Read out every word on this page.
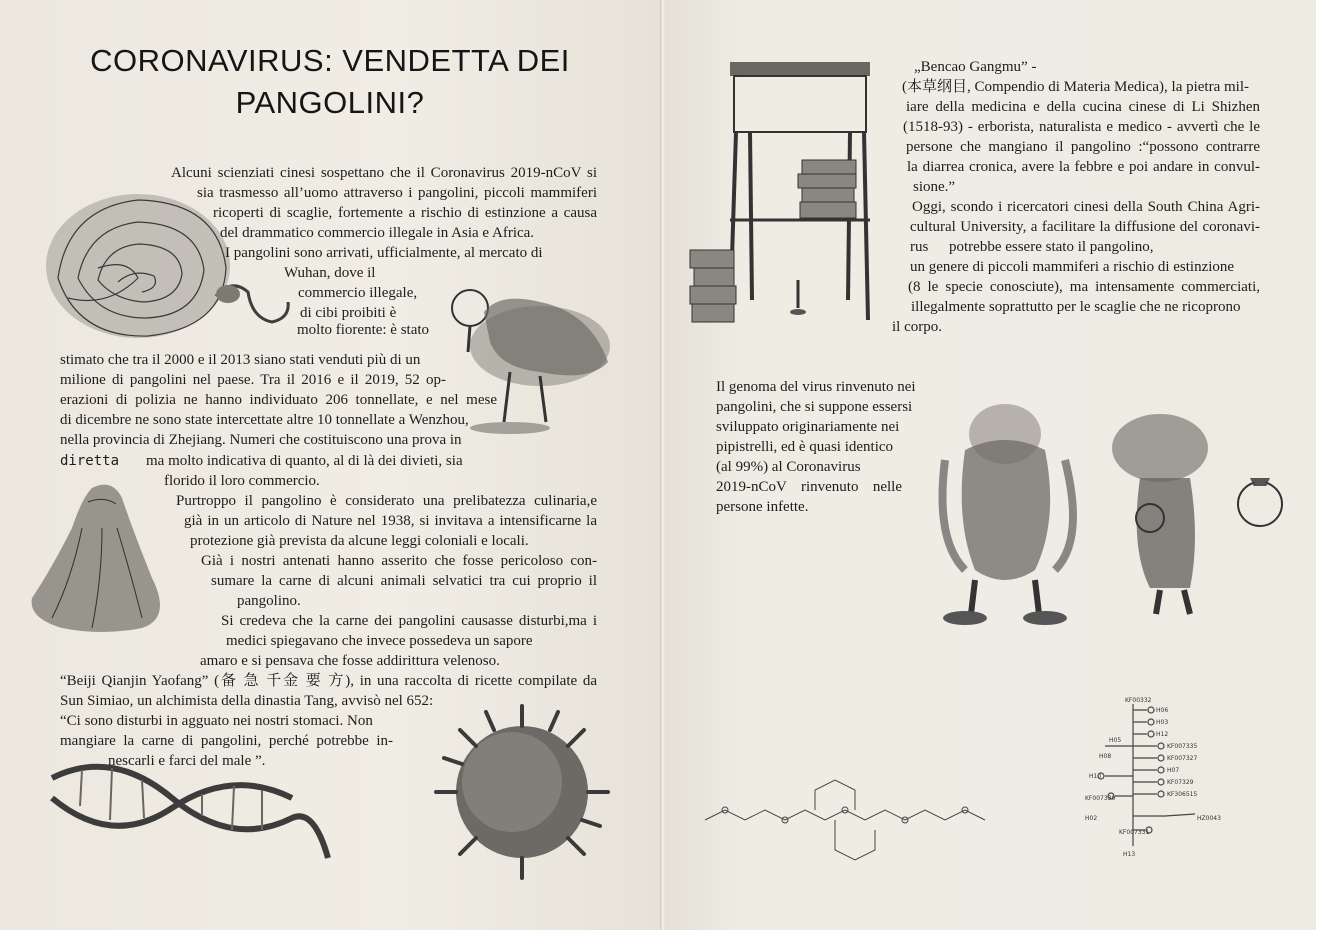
CORONAVIRUS: VENDETTA DEI
PANGOLINI?
Alcuni scienziati cinesi sospettano che il Coronavirus 2019-nCoV si
sia trasmesso all’uomo attraverso i pangolini, piccoli mammiferi
ricoperti di scaglie, fortemente a rischio di estinzione a causa
del drammatico commercio illegale in Asia e Africa.
I pangolini sono arrivati, ufficialmente, al mercato di
Wuhan, dove il
commercio illegale,
di cibi proibiti è
molto fiorente: è stato
stimato che tra il 2000 e il 2013 siano stati venduti più di un
milione di pangolini nel paese. Tra il 2016 e il 2019, 52 op-
erazioni di polizia ne hanno individuato 206 tonnellate, e nel mese
di dicembre ne sono state intercettate altre 10 tonnellate a Wenzhou,
nella provincia di Zhejiang. Numeri che costituiscono una prova in
diretta ma molto indicativa di quanto, al di là dei divieti, sia
florido il loro commercio.
Purtroppo il pangolino è considerato una prelibatezza culinaria,e
già in un articolo di Nature nel 1938, si invitava a intensificarne la
protezione già prevista da alcune leggi coloniali e locali.
Già i nostri antenati hanno asserito che fosse pericoloso con-
sumare la carne di alcuni animali selvatici tra cui proprio il
pangolino.
Si credeva che la carne dei pangolini causasse disturbi,ma i
medici spiegavano che invece possedeva un sapore
amaro e si pensava che fosse addirittura velenoso.
“Beiji Qianjin Yaofang” (备 急 千金 要 方), in una raccolta di ricette compilate da
Sun Simiao, un alchimista della dinastia Tang, avvisò nel 652:
“Ci sono disturbi in agguato nei nostri stomaci. Non
mangiare la carne di pangolini, perché potrebbe in-
nescarli e farci del male ”.
KF00332
H06
H03
H12
KF007335
KF007327
H07
KF07329
KF306515
KF007330
H10
H05
H08
H02
KF007331
HZ0043
H13
„Bencao Gangmu” -
(本草纲目, Compendio di Materia Medica), la pietra mil-
iare della medicina e della cucina cinese di Li Shizhen
(1518-93) - erborista, naturalista e medico - avvertì che le
persone che mangiano il pangolino :“possono contrarre
la diarrea cronica, avere la febbre e poi andare in convul-
sione.”
Oggi, scondo i ricercatori cinesi della South China Agri-
cultural University, a facilitare la diffusione del coronavi-
rus potrebbe essere stato il pangolino,
un genere di piccoli mammiferi a rischio di estinzione
(8 le specie conosciute), ma intensamente commerciati,
illegalmente soprattutto per le scaglie che ne ricoprono
il corpo.
Il genoma del virus rinvenuto nei
pangolini, che si suppone essersi
sviluppato originariamente nei
pipistrelli, ed è quasi identico
(al 99%) al Coronavirus
2019-nCoV rinvenuto nelle
persone infette.
